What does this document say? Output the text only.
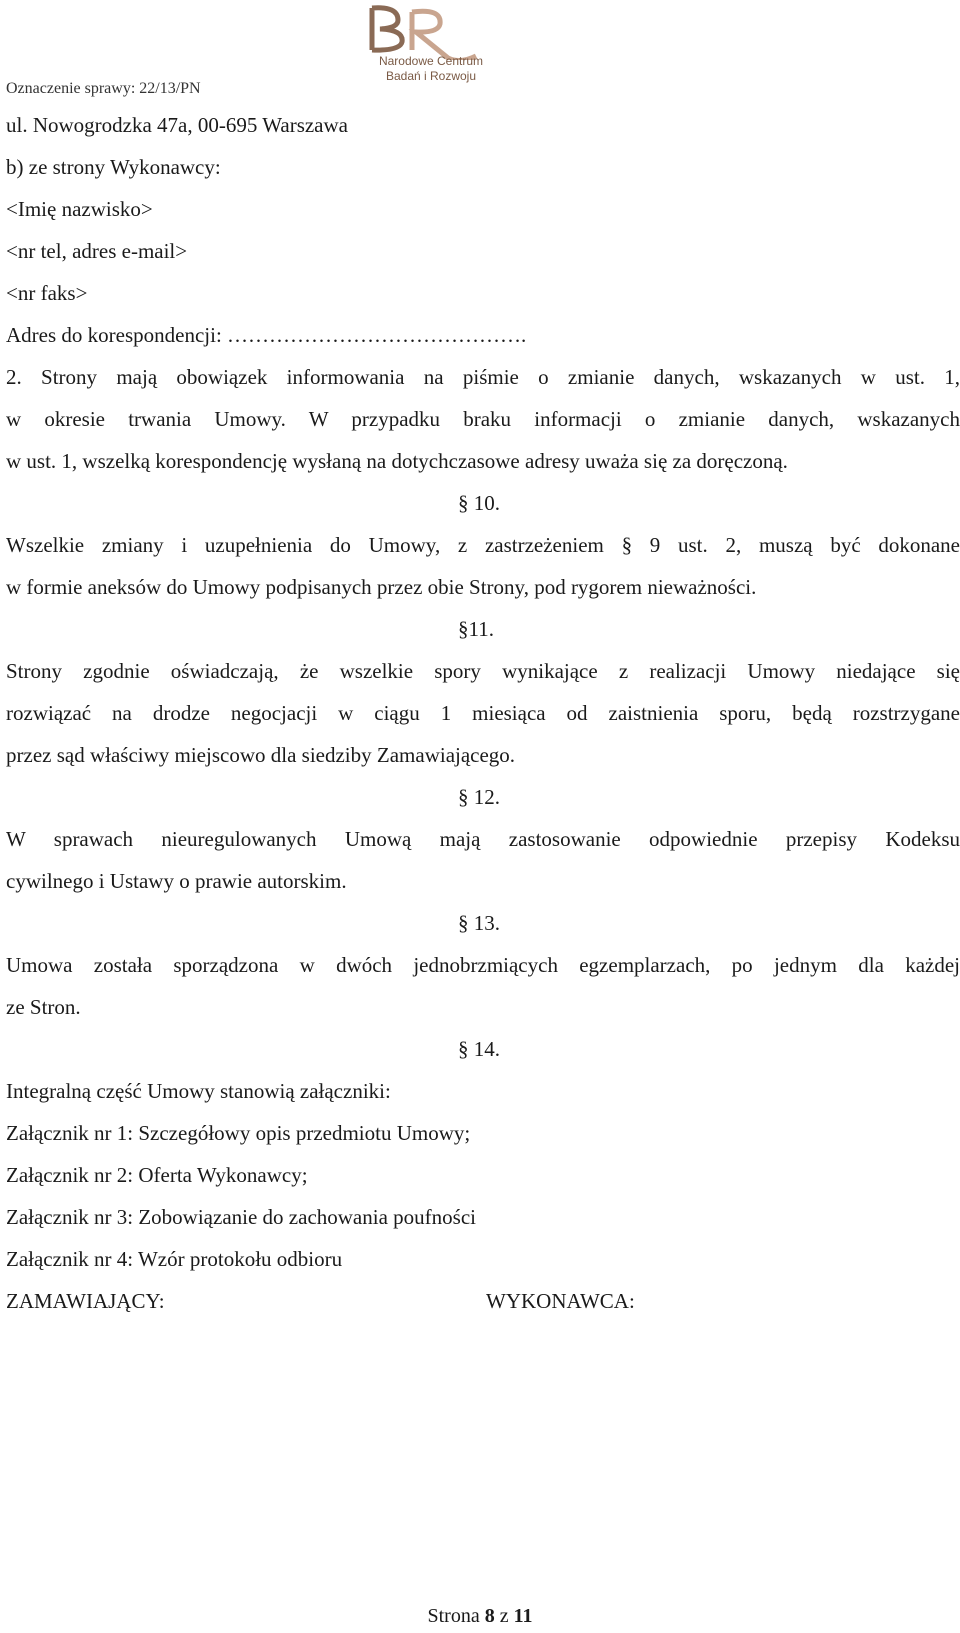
Oznaczenie sprawy: 22/13/PN
Narodowe Centrum
Badań i Rozwoju
ul. Nowogrodzka 47a, 00-695 Warszawa
b) ze strony Wykonawcy:
<Imię nazwisko>
<nr tel, adres e-mail>
<nr faks>
Adres do korespondencji: …………………………………….
2. Strony mają obowiązek informowania na piśmie o zmianie danych, wskazanych w ust. 1,
w okresie trwania Umowy. W przypadku braku informacji o zmianie danych, wskazanych
w ust. 1, wszelką korespondencję wysłaną na dotychczasowe adresy uważa się za doręczoną.
§ 10.
Wszelkie zmiany i uzupełnienia do Umowy, z zastrzeżeniem § 9 ust. 2, muszą być dokonane
w formie aneksów do Umowy podpisanych przez obie Strony, pod rygorem nieważności.
§11.
Strony zgodnie oświadczają, że wszelkie spory wynikające z realizacji Umowy niedające się
rozwiązać na drodze negocjacji w ciągu 1 miesiąca od zaistnienia sporu, będą rozstrzygane
przez sąd właściwy miejscowo dla siedziby Zamawiającego.
§ 12.
W sprawach nieuregulowanych Umową mają zastosowanie odpowiednie przepisy Kodeksu
cywilnego i Ustawy o prawie autorskim.
§ 13.
Umowa została sporządzona w dwóch jednobrzmiących egzemplarzach, po jednym dla każdej
ze Stron.
§ 14.
Integralną część Umowy stanowią załączniki:
Załącznik nr 1: Szczegółowy opis przedmiotu Umowy;
Załącznik nr 2: Oferta Wykonawcy;
Załącznik nr 3: Zobowiązanie do zachowania poufności
Załącznik nr 4: Wzór protokołu odbioru
ZAMAWIAJĄCY:	WYKONAWCA:
Strona 8 z 11
